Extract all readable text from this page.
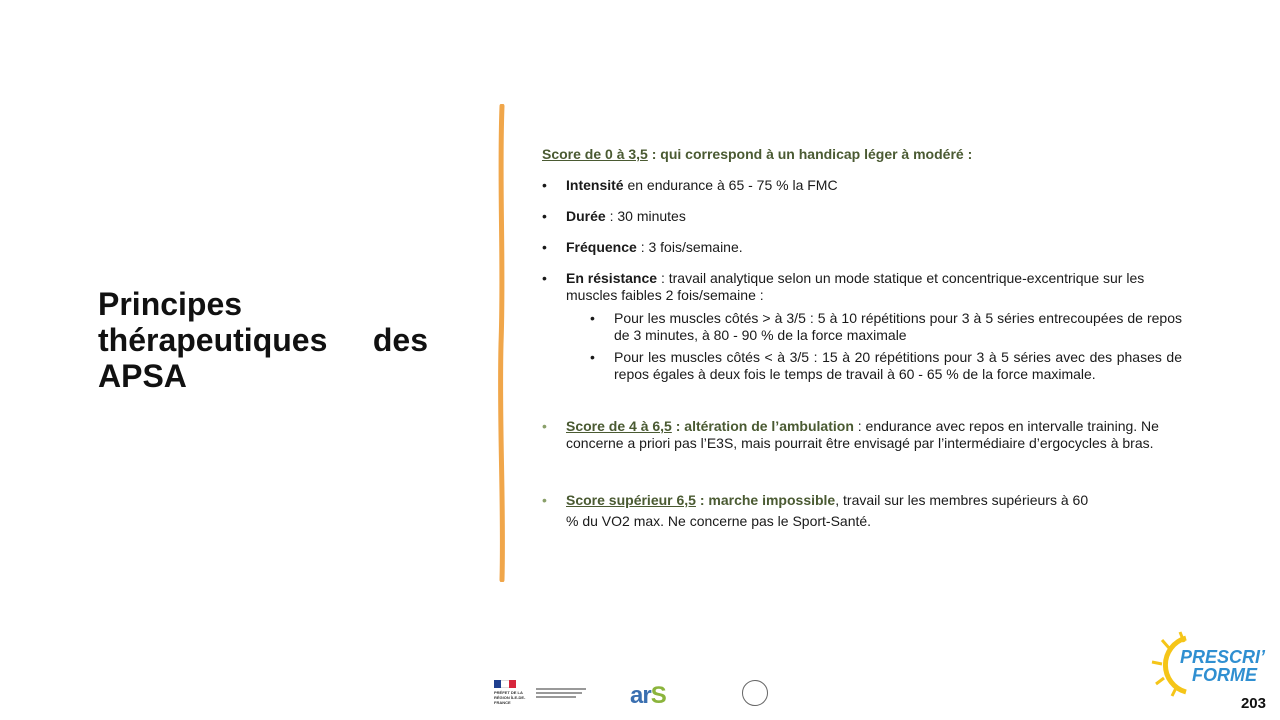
Principes thérapeutiques des APSA

Score de 0 à 3,5 : qui correspond à un handicap léger à modéré :

• Intensité en endurance à 65 - 75 % la FMC
• Durée : 30 minutes
• Fréquence : 3 fois/semaine.
• En résistance : travail analytique selon un mode statique et concentrique-excentrique sur les muscles faibles 2 fois/semaine :
• Pour les muscles côtés > à 3/5 : 5 à 10 répétitions pour 3 à 5 séries entrecoupées de repos de 3 minutes, à 80 - 90 % de la force maximale
• Pour les muscles côtés < à 3/5 : 15 à 20 répétitions pour 3 à 5 séries avec des phases de repos égales à deux fois le temps de travail à 60 - 65 % de la force maximale.
• Score de 4 à 6,5 : altération de l’ambulation : endurance avec repos en intervalle training. Ne concerne a priori pas l’E3S, mais pourrait être envisagé par l’intermédiaire d’ergocycles à bras.
• Score supérieur 6,5 : marche impossible, travail sur les membres supérieurs à 60
% du VO2 max. Ne concerne pas le Sport-Santé.
PRÉFET DE LA RÉGION ÎLE-DE-FRANCE	arS
PRESCRI’
FORME
203
